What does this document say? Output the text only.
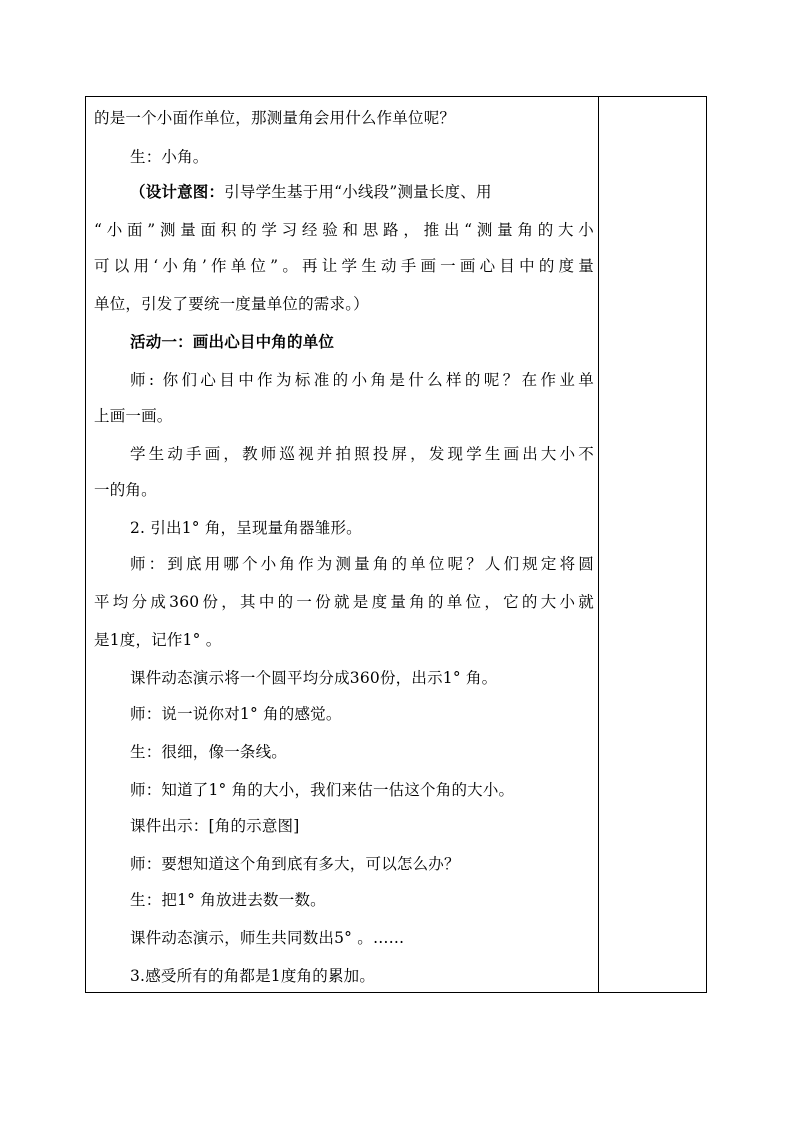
的是一个小面作单位，那测量角会用什么作单位呢？
生：小角。
（设计意图：引导学生基于用“小线段”测量长度、用
“小面”测量面积的学习经验和思路，推出“测量角的大小
可以用‘小角’作单位”。再让学生动手画一画心目中的度量
单位，引发了要统一度量单位的需求。）
活动一：画出心目中角的单位
师: 你们心目中作为标准的小角是什么样的呢？在作业单
上画一画。
学生动手画，教师巡视并拍照投屏，发现学生画出大小不
一的角。
2. 引出1° 角，呈现量角器雏形。
师：到底用哪个小角作为测量角的单位呢？人们规定将圆
平均分成360份，其中的一份就是度量角的单位，它的大小就
是1度，记作1° 。
课件动态演示将一个圆平均分成360份，出示1° 角。
师：说一说你对1° 角的感觉。
生：很细，像一条线。
师：知道了1° 角的大小，我们来估一估这个角的大小。
课件出示：[角的示意图]
师：要想知道这个角到底有多大，可以怎么办？
生：把1° 角放进去数一数。
课件动态演示，师生共同数出5° 。……
3.感受所有的角都是1度角的累加。
